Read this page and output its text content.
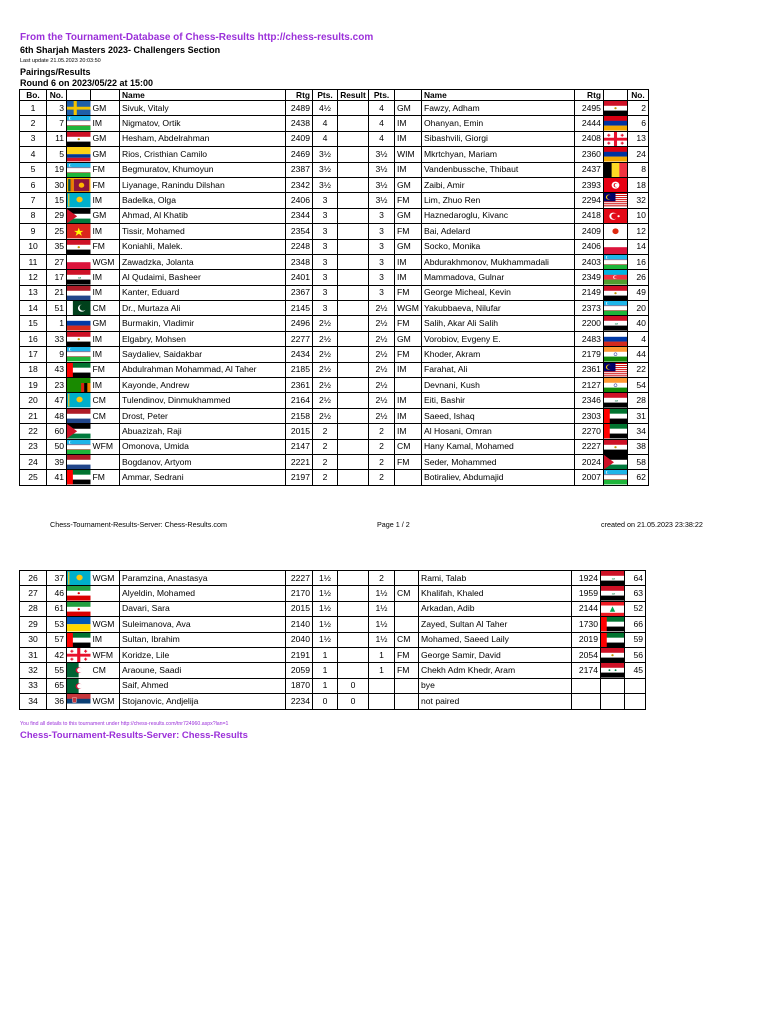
From the Tournament-Database of Chess-Results http://chess-results.com
6th Sharjah Masters 2023- Challengers Section
Last update 21.05.2023 20:03:50
Pairings/Results
Round 6 on 2023/05/22 at 15:00
Bo.	No.			Name	Rtg	Pts.	Result	Pts.		Name	Rtg		No.
1	3		GM	Sivuk, Vitaly	2489	4½		4	GM	Fawzy, Adham	2495		2
2	7		IM	Nigmatov, Ortik	2438	4		4	IM	Ohanyan, Emin	2444		6
3	11		GM	Hesham, Abdelrahman	2409	4		4	IM	Sibashvili, Giorgi	2408		13
4	5		GM	Rios, Cristhian Camilo	2469	3½		3½	WIM	Mkrtchyan, Mariam	2360		24
5	19		FM	Begmuratov, Khumoyun	2387	3½		3½	IM	Vandenbussche, Thibaut	2437		8
6	30		FM	Liyanage, Ranindu Dilshan	2342	3½		3½	GM	Zaibi, Amir	2393		18
7	15		IM	Badelka, Olga	2406	3		3½	FM	Lim, Zhuo Ren	2294		32
8	29		GM	Ahmad, Al Khatib	2344	3		3	GM	Haznedaroglu, Kivanc	2418		10
9	25		IM	Tissir, Mohamed	2354	3		3	FM	Bai, Adelard	2409		12
10	35		FM	Koniahli, Malek.	2248	3		3	GM	Socko, Monika	2406		14
11	27		WGM	Zawadzka, Jolanta	2348	3		3	IM	Abdurakhmonov, Mukhammadali	2403		16
12	17	ﷲ	IM	Al Qudaimi, Basheer	2401	3		3	IM	Mammadova, Gulnar	2349		26
13	21		IM	Kanter, Eduard	2367	3		3	FM	George Micheal, Kevin	2149		49
14	51		CM	Dr., Murtaza Ali	2145	3		2½	WGM	Yakubbaeva, Nilufar	2373		20
15	1		GM	Burmakin, Vladimir	2496	2½		2½	FM	Salih, Akar Ali Salih	2200	ﷲ	40
16	33		IM	Elgabry, Mohsen	2277	2½		2½	GM	Vorobiov, Evgeny E.	2483		4
17	9		IM	Saydaliev, Saidakbar	2434	2½		2½	FM	Khoder, Akram	2179		44
18	43		FM	Abdulrahman Mohammad, Al Taher	2185	2½		2½	IM	Farahat, Ali	2361		22
19	23		IM	Kayonde, Andrew	2361	2½		2½		Devnani, Kush	2127		54
20	47		CM	Tulendinov, Dinmukhammed	2164	2½		2½	IM	Eiti, Bashir	2346	ﷲ	28
21	48		CM	Drost, Peter	2158	2½		2½	IM	Saeed, Ishaq	2303		31
22	60			Abuazizah, Raji	2015	2		2	IM	Al Hosani, Omran	2270		34
23	50		WFM	Omonova, Umida	2147	2		2	CM	Hany Kamal, Mohamed	2227		38
24	39			Bogdanov, Artyom	2221	2		2	FM	Seder, Mohammed	2024		58
25	41		FM	Ammar, Sedrani	2197	2		2		Botiraliev, Abdumajid	2007		62
Chess-Tournament-Results-Server: Chess-Results.com	Page 1 / 2	created on 21.05.2023 23:38:22
26	37		WGM	Paramzina, Anastasya	2227	1½		2		Rami, Talab	1924	ﷲ	64
27	46			Alyeldin, Mohamed	2170	1½		1½	CM	Khalifah, Khaled	1959	ﷲ	63
28	61			Davari, Sara	2015	1½		1½		Arkadan, Adib	2144		52
29	53		WGM	Suleimanova, Ava	2140	1½		1½		Zayed, Sultan Al Taher	1730		66
30	57		IM	Sultan, Ibrahim	2040	1½		1½	CM	Mohamed, Saeed Laily	2019		59
31	42		WFM	Koridze, Lile	2191	1		1	FM	George Samir, David	2054		56
32	55		CM	Araoune, Saadi	2059	1		1	FM	Chekh Adm Khedr, Aram	2174		45
33	65			Saif, Ahmed	1870	1	0			bye			
34	36		WGM	Stojanovic, Andjelija	2234	0	0			not paired			
You find all details to this tournament under http://chess-results.com/tnr724960.aspx?lan=1
Chess-Tournament-Results-Server: Chess-Results
